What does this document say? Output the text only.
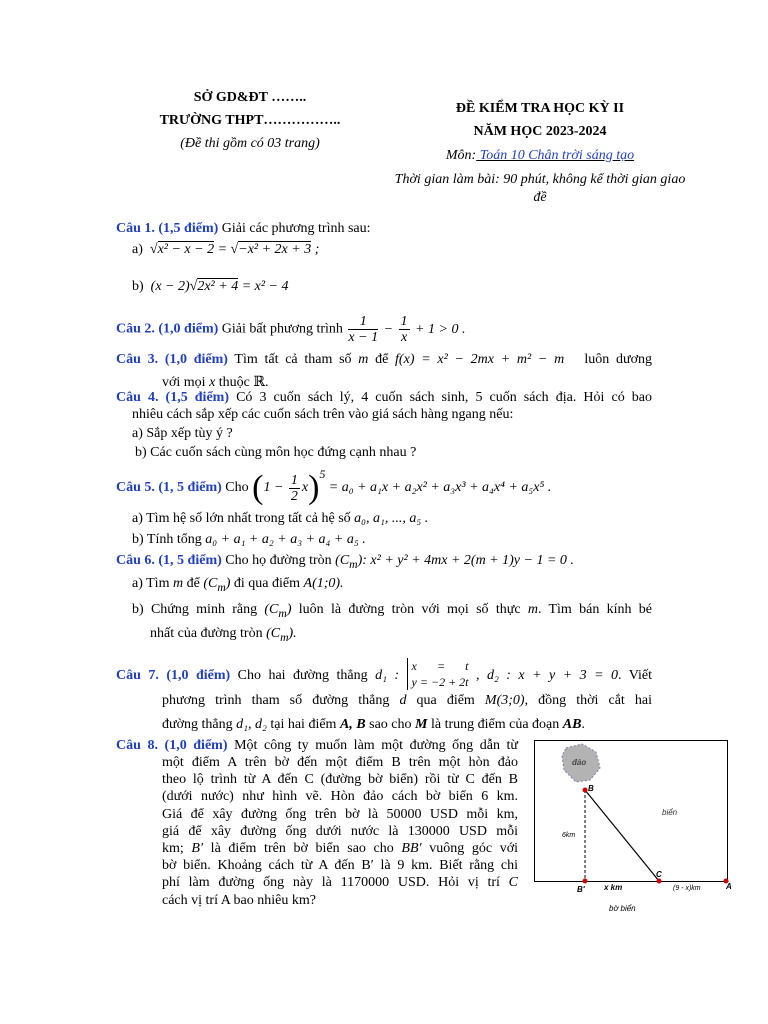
SỞ GD&ĐT ……..
TRƯỜNG THPT……………..
(Đề thi gồm có 03 trang)
ĐỀ KIỂM TRA HỌC KỲ II
NĂM HỌC 2023-2024
Môn: Toán 10 Chân trời sáng tạo
Thời gian làm bài: 90 phút, không kể thời gian giao
đề
Câu 1. (1,5 điểm) Giải các phương trình sau:
a)  √x² − x − 2 = √−x² + 2x + 3 ;
b)  (x − 2)√2x² + 4 = x² − 4
Câu 2. (1,0 điểm) Giải bất phương trình $\frac{1}{x - 1} - \frac{1}{x} + 1 > 0$ .
Câu 3. (1,0 điểm) Tìm tất cả tham số m để f(x) = x² − 2mx + m² − m luôn dương
với mọi x thuộc ℝ.
Câu 4. (1,5 điểm) Có 3 cuốn sách lý, 4 cuốn sách sinh, 5 cuốn sách địa. Hỏi có bao
nhiêu cách sắp xếp các cuốn sách trên vào giá sách hàng ngang nếu:
a) Sắp xếp tùy ý ?
b) Các cuốn sách cùng môn học đứng cạnh nhau ?
Câu 5. (1, 5 điểm) Cho $(1 - \frac{1}{2} x)^5 = a_0 + a_1x + a_2x^2 + a_3x^3 + a_4x^4 + a_5x^5$ .
a) Tìm hệ số lớn nhất trong tất cả hệ số a₀, a₁, ..., a₅ .
b) Tính tổng a₀ + a₁ + a₂ + a₃ + a₄ + a₅ .
Câu 6. (1, 5 điểm) Cho họ đường tròn $(C_m)$: x² + y² + 4mx + 2(m + 1)y − 1 = 0 .
a) Tìm m để $(C_m)$ đi qua điểm A(1;0).
b) Chứng minh rằng $(C_m)$ luôn là đường tròn với mọi số thực m. Tìm bán kính bé
nhất của đường tròn $(C_m)$.
Câu 7. (1,0 điểm) Cho hai đường thẳng d₁ : x = t
y = −2 + 2t , d₂ : x + y + 3 = 0. Viết
phương trình tham số đường thẳng d qua điểm M(3;0), đồng thời cắt hai
đường thẳng d₁, d₂ tại hai điểm A, B sao cho M là trung điểm của đoạn AB.
Câu 8. (1,0 điểm) Một công ty muốn làm một đường ống dẫn từ
một điểm A trên bờ đến một điểm B trên một hòn đảo
theo lộ trình từ A đến C (đường bờ biển) rồi từ C đến B
(dưới nước) như hình vẽ. Hòn đảo cách bờ biển 6 km.
Giá để xây đường ống trên bờ là 50000 USD mỗi km,
giá để xây đường ống dưới nước là 130000 USD mỗi
km; B′ là điểm trên bờ biển sao cho BB′ vuông góc với
bờ biển. Khoảng cách từ A đến B′ là 9 km. Biết rằng chi
phí làm đường ống này là 1170000 USD. Hỏi vị trí C
cách vị trí A bao nhiêu km?
đảo
biển
B
6km
B'
C
A
x km	(9 - x)km
bờ biển
